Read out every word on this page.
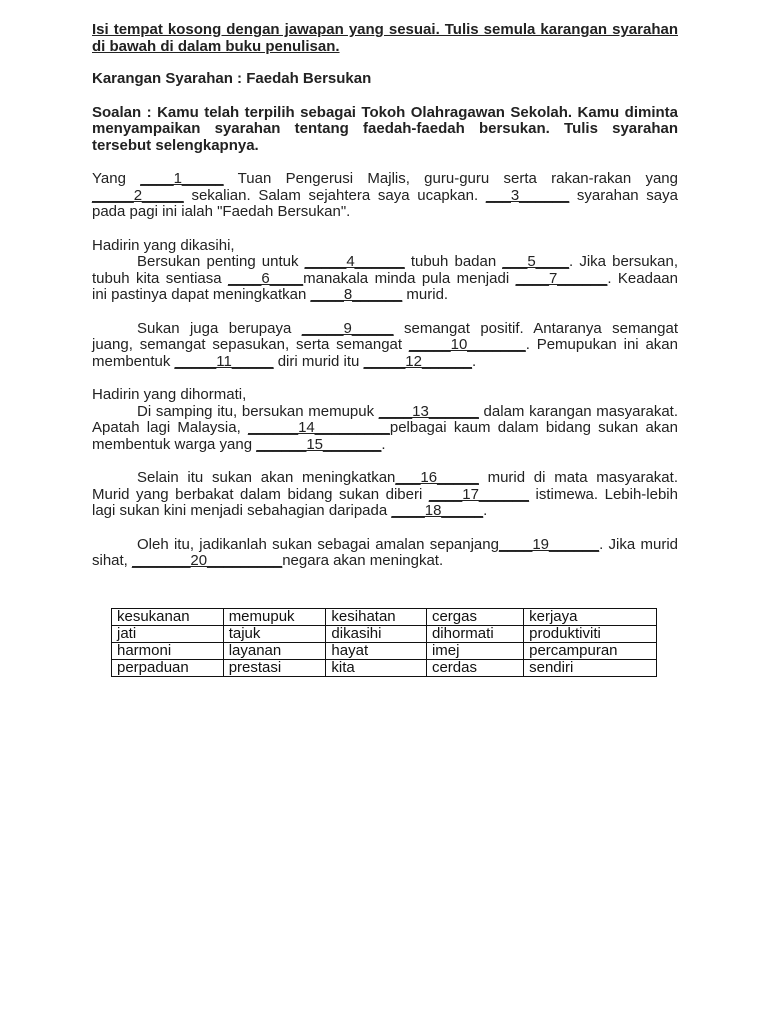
Isi tempat kosong dengan jawapan yang sesuai. Tulis semula karangan syarahan di bawah di dalam buku penulisan.

Karangan Syarahan : Faedah Bersukan

Soalan : Kamu telah terpilih sebagai Tokoh Olahragawan Sekolah. Kamu diminta menyampaikan syarahan tentang faedah-faedah bersukan. Tulis syarahan tersebut selengkapnya.

Yang ____1_____ Tuan Pengerusi Majlis, guru-guru serta rakan-rakan yang _____2_____ sekalian. Salam sejahtera saya ucapkan. ___3______ syarahan saya pada pagi ini ialah "Faedah Bersukan".

Hadirin yang dikasihi,

Bersukan penting untuk _____4______ tubuh badan ___5____. Jika bersukan, tubuh kita sentiasa ____6____manakala minda pula menjadi ____7______. Keadaan ini pastinya dapat meningkatkan ____8______ murid.

Sukan juga berupaya _____9_____ semangat positif. Antaranya semangat juang, semangat sepasukan, serta semangat _____10_______. Pemupukan ini akan membentuk _____11_____ diri murid itu _____12______.

Hadirin yang dihormati,

Di samping itu, bersukan memupuk ____13______ dalam karangan masyarakat. Apatah lagi Malaysia, ______14_________pelbagai kaum dalam bidang sukan akan membentuk warga yang ______15_______.

Selain itu sukan akan meningkatkan___16_____ murid di mata masyarakat. Murid yang berbakat dalam bidang sukan diberi ____17______ istimewa. Lebih-lebih lagi sukan kini menjadi sebahagian daripada ____18_____.

Oleh itu, jadikanlah sukan sebagai amalan sepanjang____19______. Jika murid sihat, _______20_________negara akan meningkat.

kesukanan	memupuk	kesihatan	cergas	kerjaya
jati	tajuk	dikasihi	dihormati	produktiviti
harmoni	layanan	hayat	imej	percampuran
perpaduan	prestasi	kita	cerdas	sendiri
